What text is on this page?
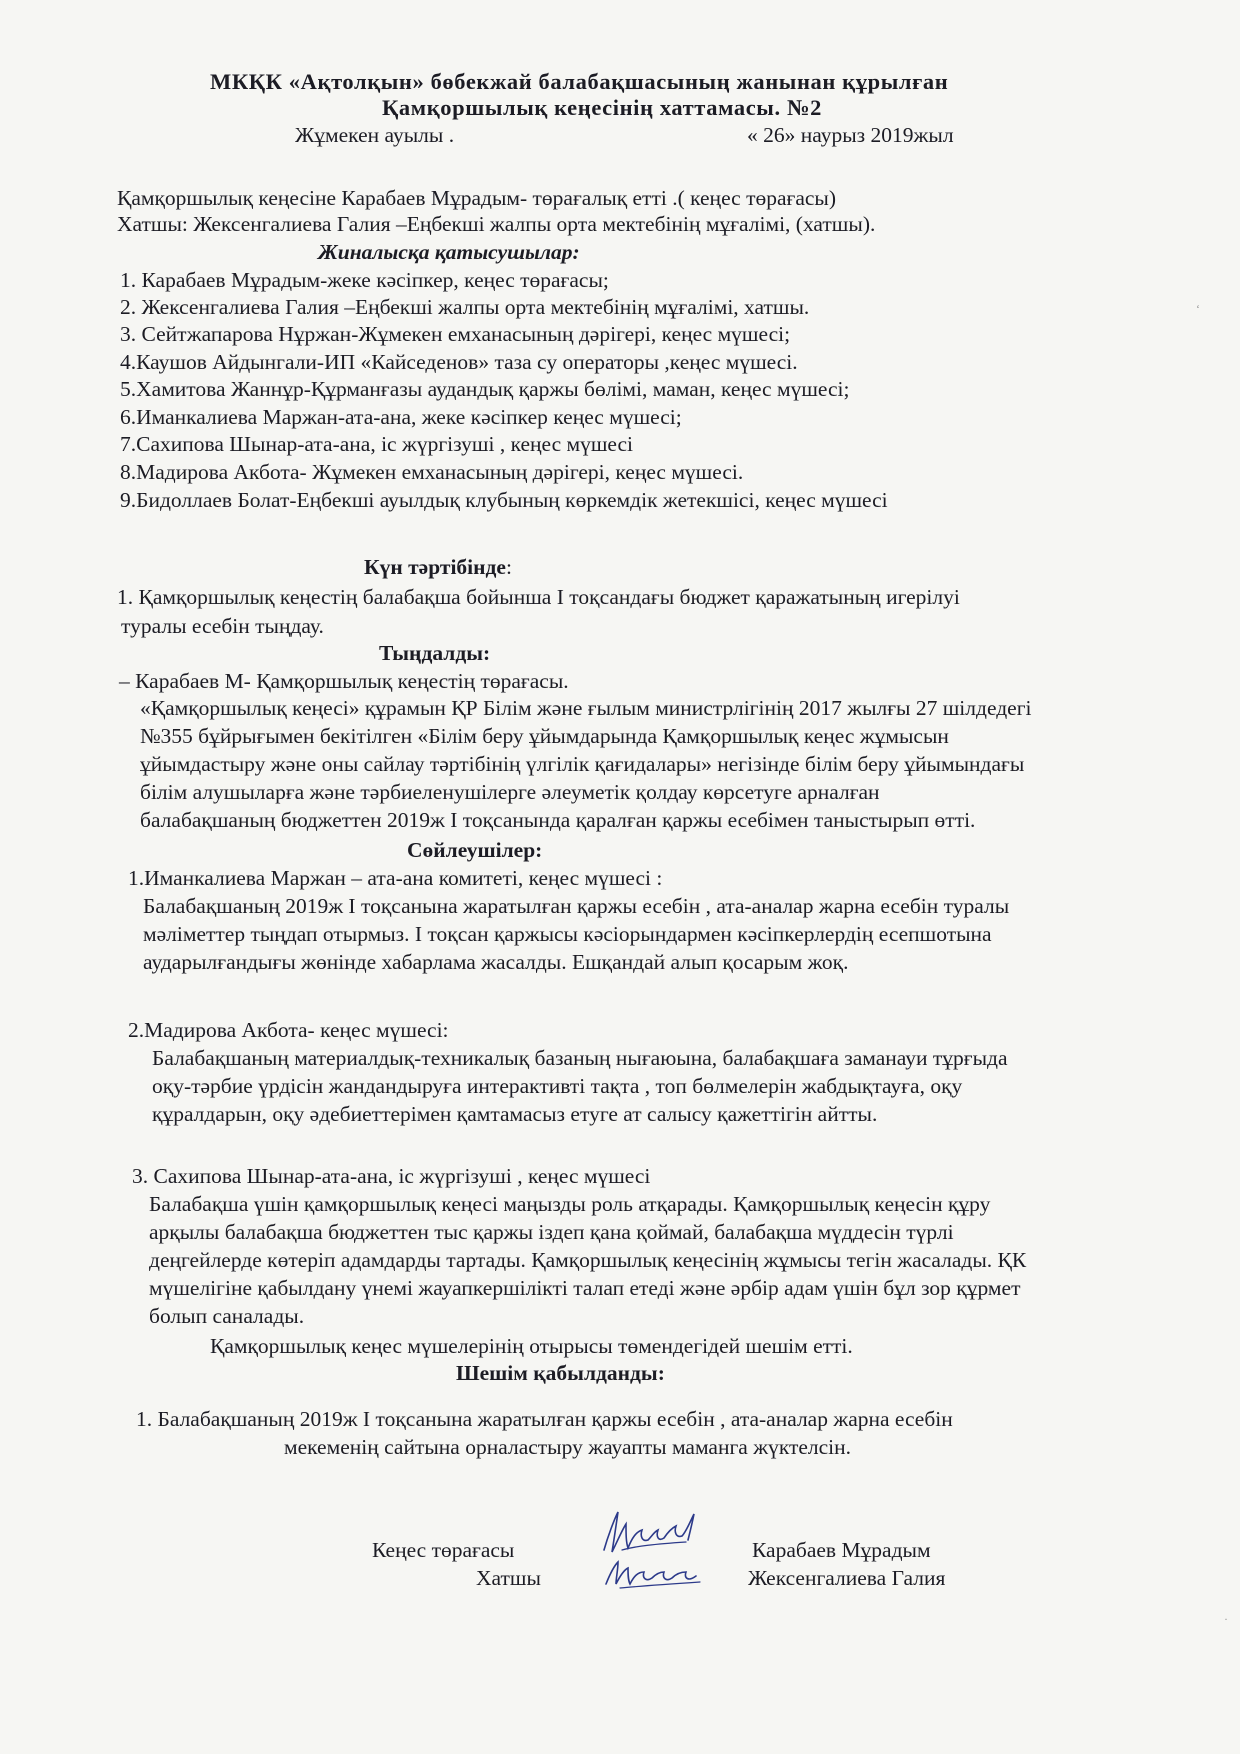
МКҚК «Ақтолқын» бөбекжай балабақшасының жанынан құрылған
Қамқоршылық кеңесінің хаттамасы. №2
Жұмекен ауылы .	« 26» наурыз 2019жыл
Қамқоршылық кеңесіне Карабаев Мұрадым- төрағалық етті .( кеңес төрағасы)
Хатшы: Жексенгалиева Галия –Еңбекші жалпы орта мектебінің мұғалімі, (хатшы).
Жиналысқа қатысушылар:
1. Карабаев Мұрадым-жеке кәсіпкер, кеңес төрағасы;
2. Жексенгалиева Галия –Еңбекші жалпы орта мектебінің мұғалімі, хатшы.
3. Сейтжапарова Нұржан-Жұмекен емханасының дәрігері, кеңес мүшесі;
4.Каушов Айдынгали-ИП «Кайседенов» таза су операторы ,кеңес мүшесі.
5.Хамитова Жаннұр-Құрманғазы аудандық қаржы бөлімі, маман, кеңес мүшесі;
6.Иманкалиева Маржан-ата-ана, жеке кәсіпкер кеңес мүшесі;
7.Сахипова Шынар-ата-ана, іс жүргізуші , кеңес мүшесі
8.Мадирова Акбота- Жұмекен емханасының дәрігері, кеңес мүшесі.
9.Бидоллаев Болат-Еңбекші ауылдық клубының көркемдік жетекшісі, кеңес мүшесі
Күн тәртібінде:
1. Қамқоршылық кеңестің балабақша бойынша І тоқсандағы бюджет қаражатының игерілуі
туралы есебін тыңдау.
Тыңдалды:
– Карабаев М- Қамқоршылық кеңестің төрағасы.
«Қамқоршылық кеңесі» құрамын ҚР Білім және ғылым министрлігінің 2017 жылғы 27 шілдедегі
№355 бұйрығымен бекітілген «Білім беру ұйымдарында Қамқоршылық кеңес жұмысын
ұйымдастыру және оны сайлау тәртібінің үлгілік қағидалары» негізінде білім беру ұйымындағы
білім алушыларға және тәрбиеленушілерге әлеуметік қолдау көрсетуге арналған
балабақшаның бюджеттен 2019ж І тоқсанында қаралған қаржы есебімен таныстырып өтті.
Сөйлеушілер:
1.Иманкалиева Маржан – ата-ана комитеті, кеңес мүшесі :
Балабақшаның 2019ж І тоқсанына жаратылған қаржы есебін , ата-аналар жарна есебін туралы
мәліметтер тыңдап отырмыз. І тоқсан қаржысы кәсіорындармен кәсіпкерлердің есепшотына
аударылғандығы жөнінде хабарлама жасалды. Ешқандай алып қосарым жоқ.
2.Мадирова Акбота- кеңес мүшесі:
Балабақшаның материалдық-техникалық базаның нығаюына, балабақшаға заманауи тұрғыда
оқу-тәрбие үрдісін жандандыруға интерактивті тақта , топ бөлмелерін жабдықтауға, оқу
құралдарын, оқу әдебиеттерімен қамтамасыз етуге ат салысу қажеттігін айтты.
3. Сахипова Шынар-ата-ана, іс жүргізуші , кеңес мүшесі
Балабақша үшін қамқоршылық кеңесі маңызды роль атқарады. Қамқоршылық кеңесін құру
арқылы балабақша бюджеттен тыс қаржы іздеп қана қоймай, балабақша мүддесін түрлі
деңгейлерде көтеріп адамдарды тартады. Қамқоршылық кеңесінің жұмысы тегін жасалады. ҚК
мүшелігіне қабылдану үнемі жауапкершілікті талап етеді және әрбір адам үшін бұл зор құрмет
болып саналады.
Қамқоршылық кеңес мүшелерінің отырысы төмендегідей шешім етті.
Шешім қабылданды:
1. Балабақшаның 2019ж І тоқсанына жаратылған қаржы есебін , ата-аналар жарна есебін
мекеменің сайтына орналастыру жауапты маманга жүктелсін.
Кеңес төрағасы
Хатшы
Карабаев Мұрадым
Жексенгалиева Галия
‘
·
